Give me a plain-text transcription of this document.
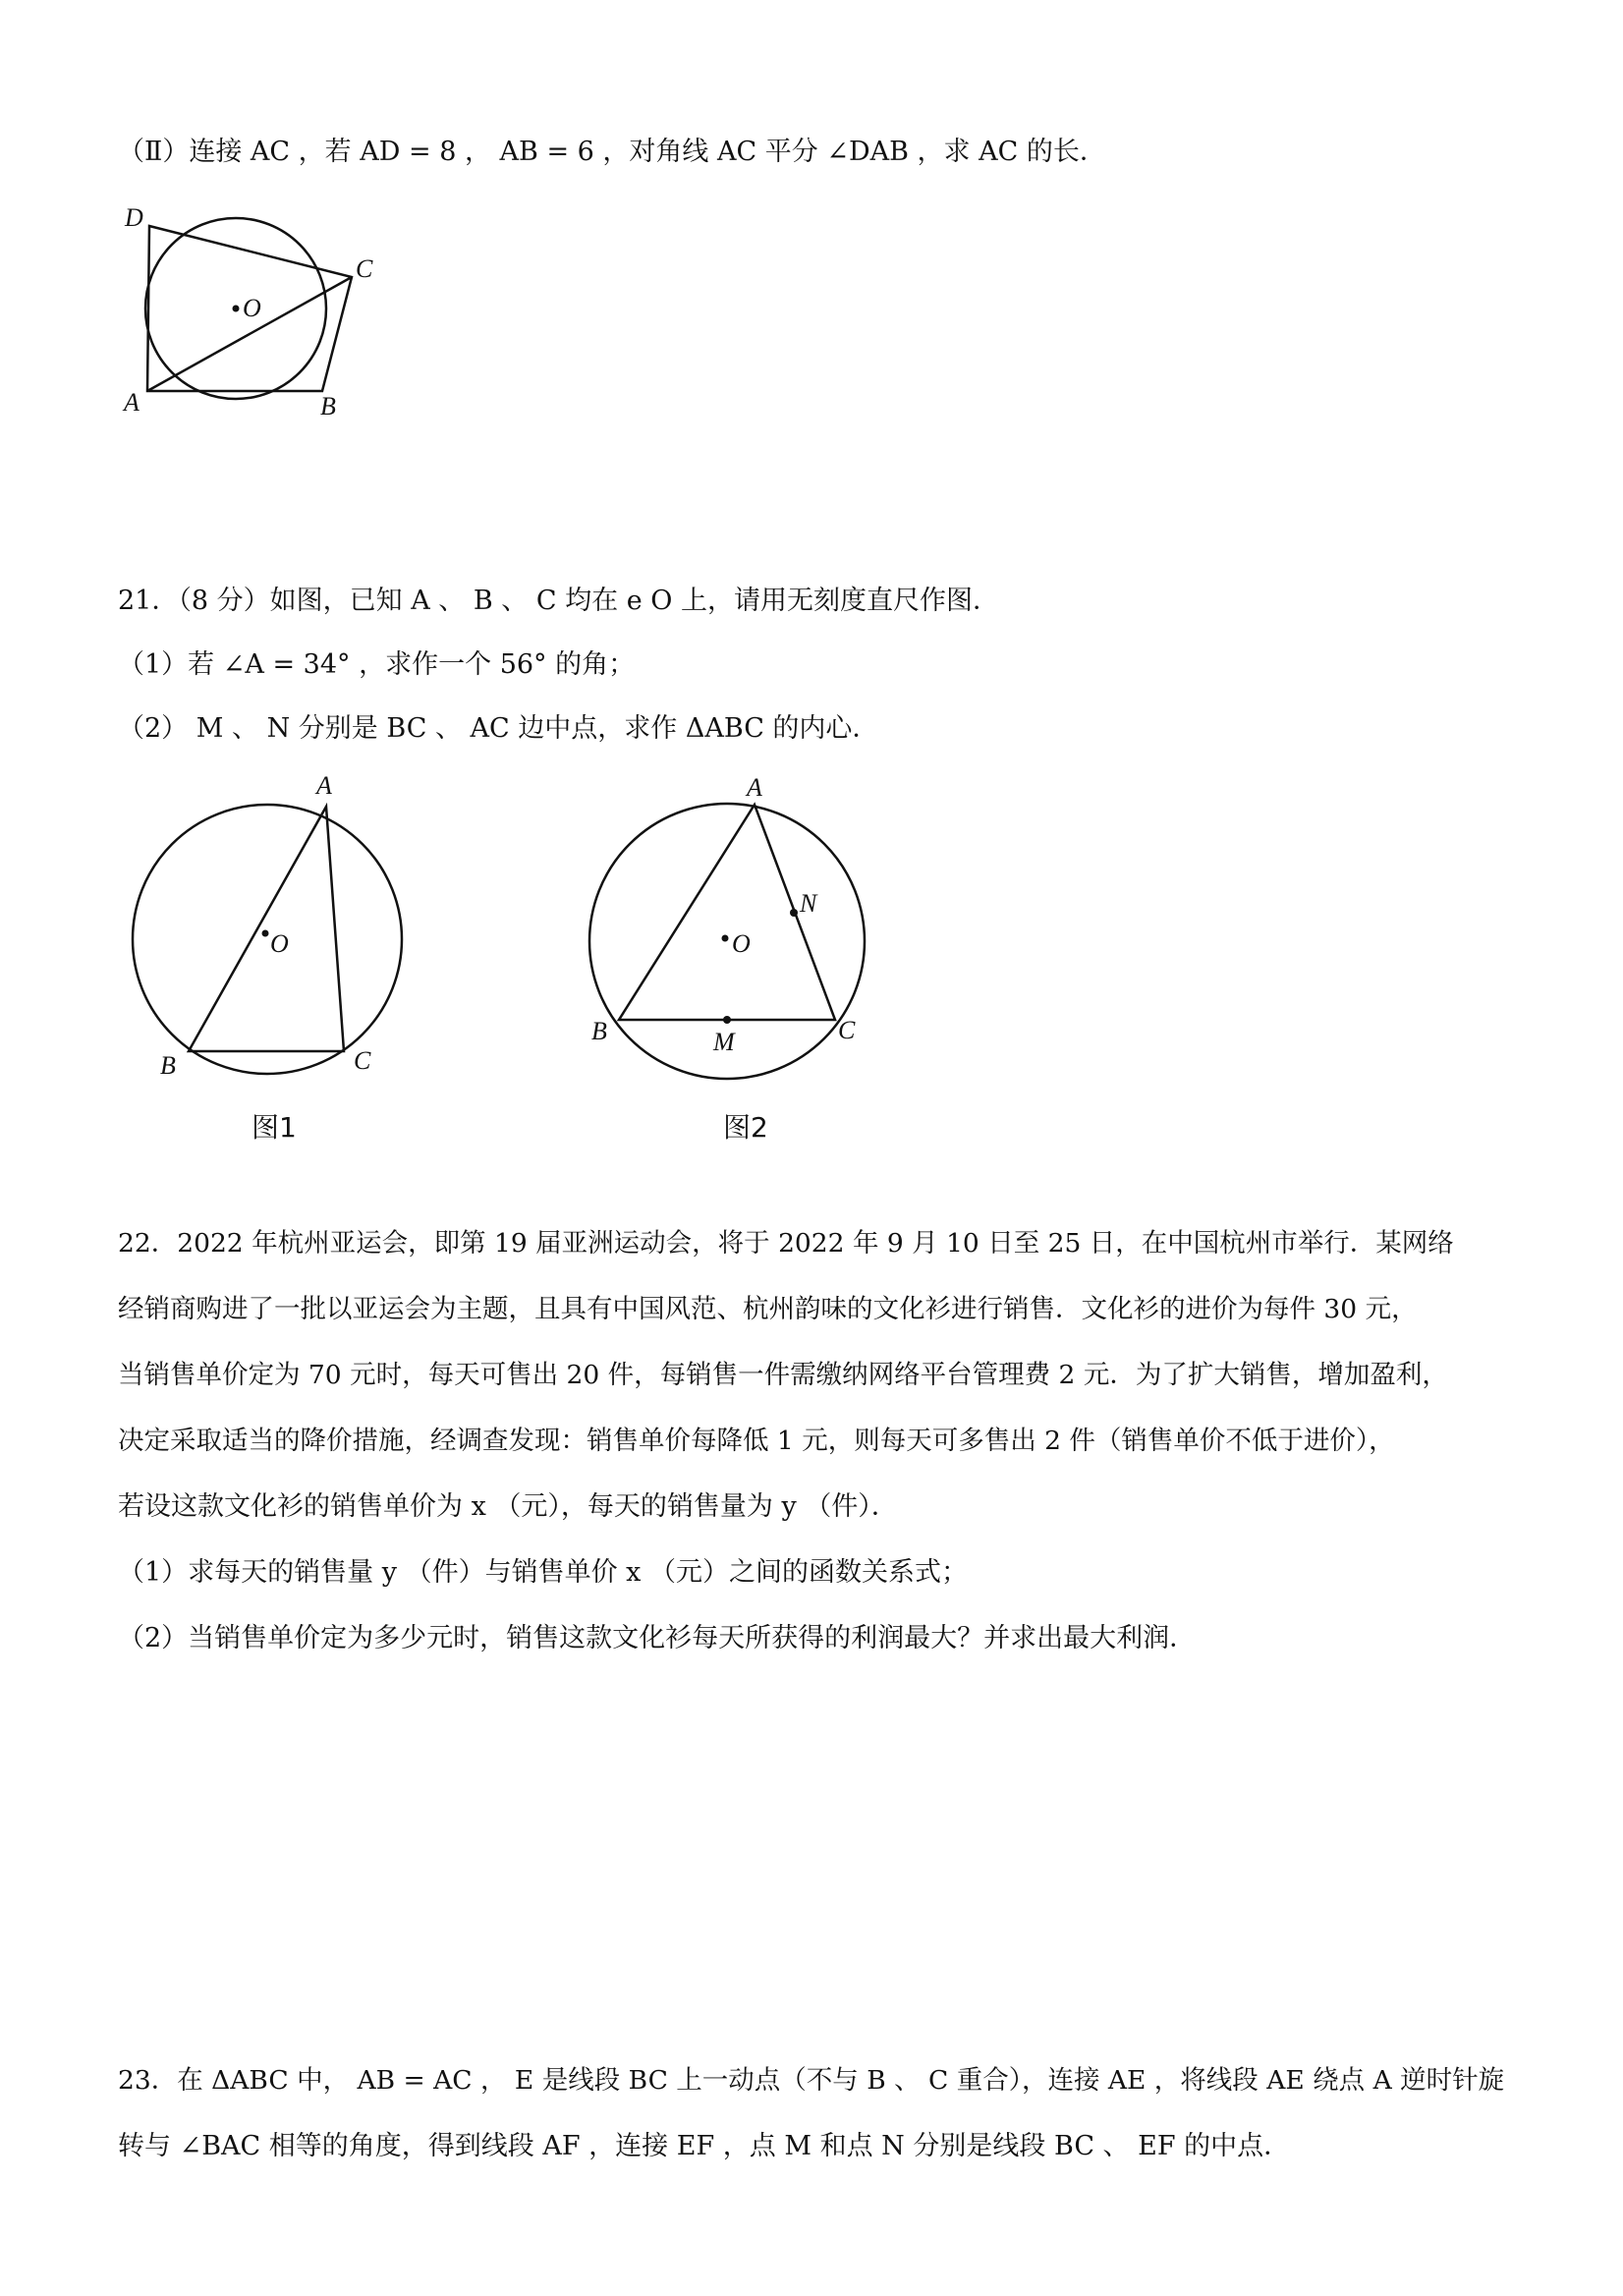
（Ⅱ）连接 AC ，若 AD = 8 ， AB = 6 ，对角线 AC 平分 ∠DAB ，求 AC 的长．
D
C
O
A	B
21．（8 分）如图，已知 A 、 B 、 C 均在 e O 上，请用无刻度直尺作图．
（1）若 ∠A = 34° ，求作一个 56° 的角；
（2） M 、 N 分别是 BC 、 AC 边中点，求作 ΔABC 的内心．
A
B	C
O
图1
A
B	C
O
N
M
图2
22．2022 年杭州亚运会，即第 19 届亚洲运动会，将于 2022 年 9 月 10 日至 25 日，在中国杭州市举行．某网络
经销商购进了一批以亚运会为主题，且具有中国风范、杭州韵味的文化衫进行销售．文化衫的进价为每件 30 元，
当销售单价定为 70 元时，每天可售出 20 件，每销售一件需缴纳网络平台管理费 2 元．为了扩大销售，增加盈利，
决定采取适当的降价措施，经调查发现：销售单价每降低 1 元，则每天可多售出 2 件（销售单价不低于进价），
若设这款文化衫的销售单价为 x （元），每天的销售量为 y （件）．
（1）求每天的销售量 y （件）与销售单价 x （元）之间的函数关系式；
（2）当销售单价定为多少元时，销售这款文化衫每天所获得的利润最大？并求出最大利润．
23．在 ΔABC 中， AB = AC ， E 是线段 BC 上一动点（不与 B 、 C 重合），连接 AE ，将线段 AE 绕点 A 逆时针旋
转与 ∠BAC 相等的角度，得到线段 AF ，连接 EF ，点 M 和点 N 分别是线段 BC 、 EF 的中点．
